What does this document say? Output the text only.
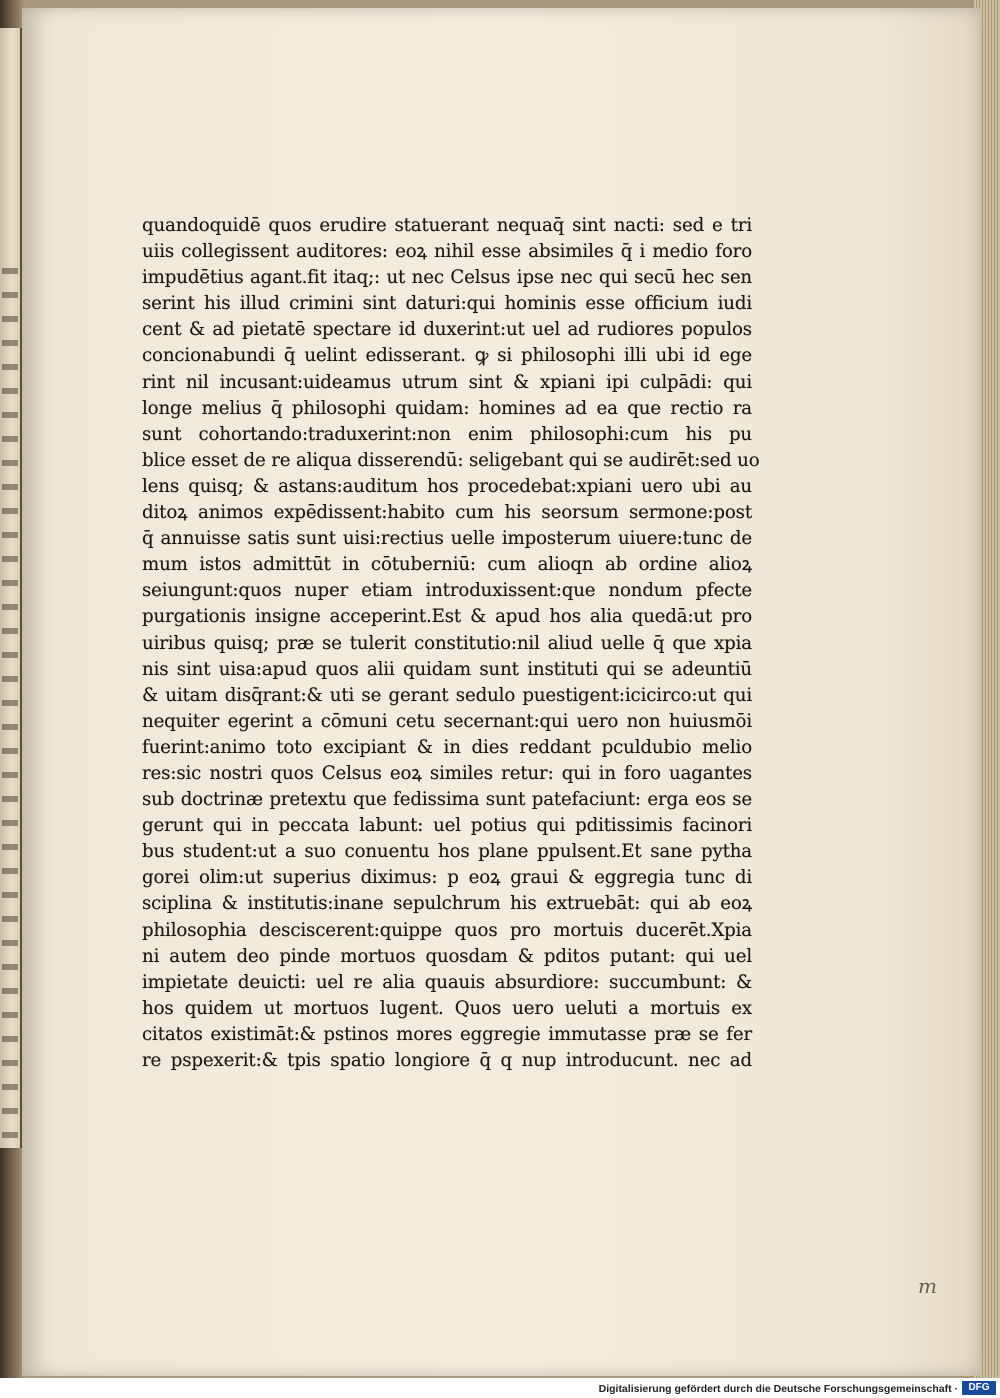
quandoquidē quos erudire statuerant nequaq̄ sint nacti: sed e tri
uiis collegissent auditores: eoꝝ nihil esse absimiles q̄ i medio foro
impudētius agant.fit itaq;: ut nec Celsus ipse nec qui secū hec sen
serint his illud crimini sint daturi:qui hominis esse officium iudi
cent & ad pietatē spectare id duxerint:ut uel ad rudiores populos
concionabundi q̄ uelint edisserant. ꝙ si philosophi illi ubi id ege
rint nil incusant:uideamus utrum sint & xpiani ipi culpādi: qui
longe melius q̄ philosophi quidam: homines ad ea que rectio ra
sunt cohortando:traduxerint:non enim philosophi:cum his pu
blice esset de re aliqua disserendū: seligebant qui se audirēt:sed uo
lens quisq; & astans:auditum hos procedebat:xpiani uero ubi au
ditoꝝ animos expēdissent:habito cum his seorsum sermone:post
q̄ annuisse satis sunt uisi:rectius uelle imposterum uiuere:tunc de
mum istos admittūt in cōtuberniū: cum alioqn ab ordine alioꝝ
seiungunt:quos nuper etiam introduxissent:que nondum pfecte
purgationis insigne acceperint.Est & apud hos alia quedā:ut pro
uiribus quisq; præ se tulerit constitutio:nil aliud uelle q̄ que xpia
nis sint uisa:apud quos alii quidam sunt instituti qui se adeuntiū
& uitam disq̄rant:& uti se gerant sedulo puestigent:icicirco:ut qui
nequiter egerint a cōmuni cetu secernant:qui uero non huiusmōi
fuerint:animo toto excipiant & in dies reddant pculdubio melio
res:sic nostri quos Celsus eoꝝ similes retur: qui in foro uagantes
sub doctrinæ pretextu que fedissima sunt patefaciunt: erga eos se
gerunt qui in peccata labunt: uel potius qui pditissimis facinori
bus student:ut a suo conuentu hos plane ppulsent.Et sane pytha
gorei olim:ut superius diximus: p eoꝝ graui & eggregia tunc di
sciplina & institutis:inane sepulchrum his extruebāt: qui ab eoꝝ
philosophia desciscerent:quippe quos pro mortuis ducerēt.Xpia
ni autem deo pinde mortuos quosdam & pditos putant: qui uel
impietate deuicti: uel re alia quauis absurdiore: succumbunt: &
hos quidem ut mortuos lugent. Quos uero ueluti a mortuis ex
citatos existimāt:& pstinos mores eggregie immutasse præ se fer
re pspexerit:& tpis spatio longiore q̄ q nup introducunt. nec ad
m
Digitalisierung gefördert durch die Deutsche Forschungsgemeinschaft ·	DFG
